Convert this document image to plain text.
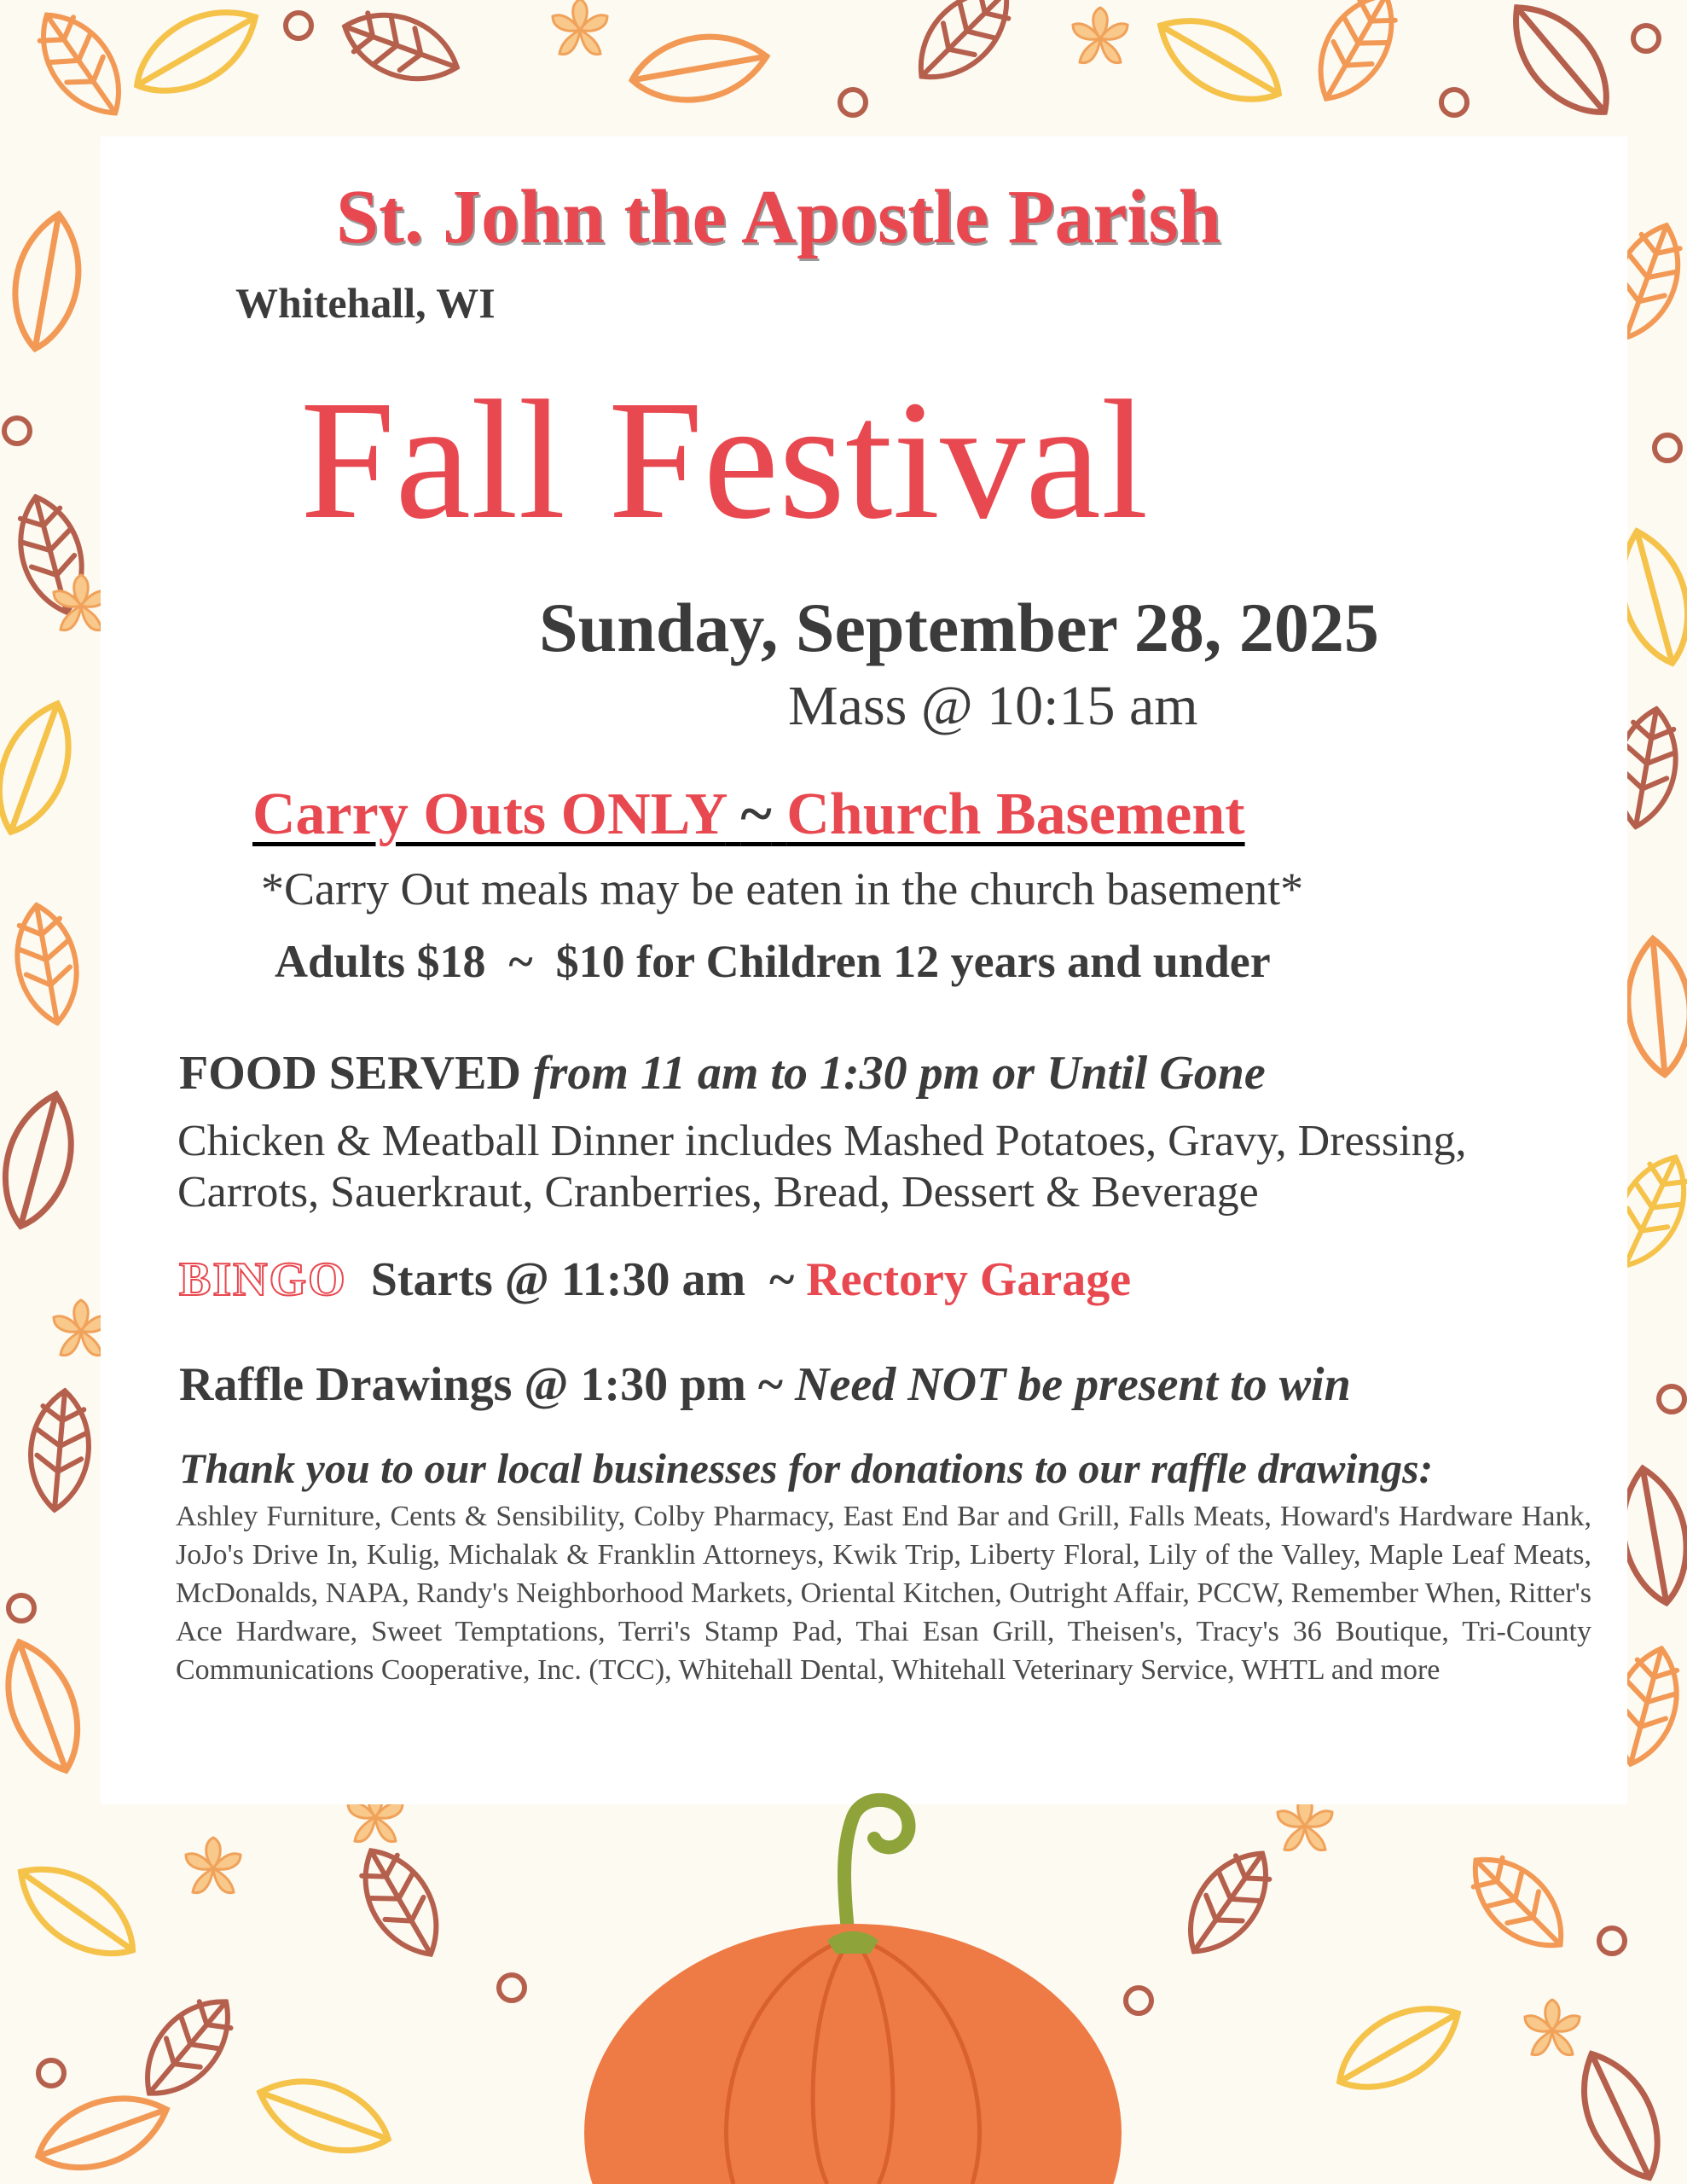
St. John the Apostle Parish
Whitehall, WI
Fall Festival
Sunday, September 28, 2025
Mass @ 10:15 am
Carry Outs ONLY ~ Church Basement
*Carry Out meals may be eaten in the church basement*
Adults $18  ~  $10 for Children 12 years and under
FOOD SERVED from 11 am to 1:30 pm or Until Gone
Chicken & Meatball Dinner includes Mashed Potatoes, Gravy, Dressing,
Carrots, Sauerkraut, Cranberries, Bread, Dessert & Beverage
BINGO Starts @ 11:30 am ~ Rectory Garage
Raffle Drawings @ 1:30 pm ~ Need NOT be present to win
Thank you to our local businesses for donations to our raffle drawings:
Ashley Furniture, Cents & Sensibility, Colby Pharmacy, East End Bar and Grill, Falls Meats, Howard's Hardware Hank, JoJo's Drive In, Kulig, Michalak & Franklin Attorneys, Kwik Trip, Liberty Floral, Lily of the Valley, Maple Leaf Meats, McDonalds, NAPA, Randy's Neighborhood Markets, Oriental Kitchen, Outright Affair, PCCW, Remember When, Ritter's Ace Hardware, Sweet Temptations, Terri's Stamp Pad, Thai Esan Grill, Theisen's, Tracy's 36 Boutique, Tri-County Communications Cooperative, Inc. (TCC), Whitehall Dental, Whitehall Veterinary Service, WHTL and more
